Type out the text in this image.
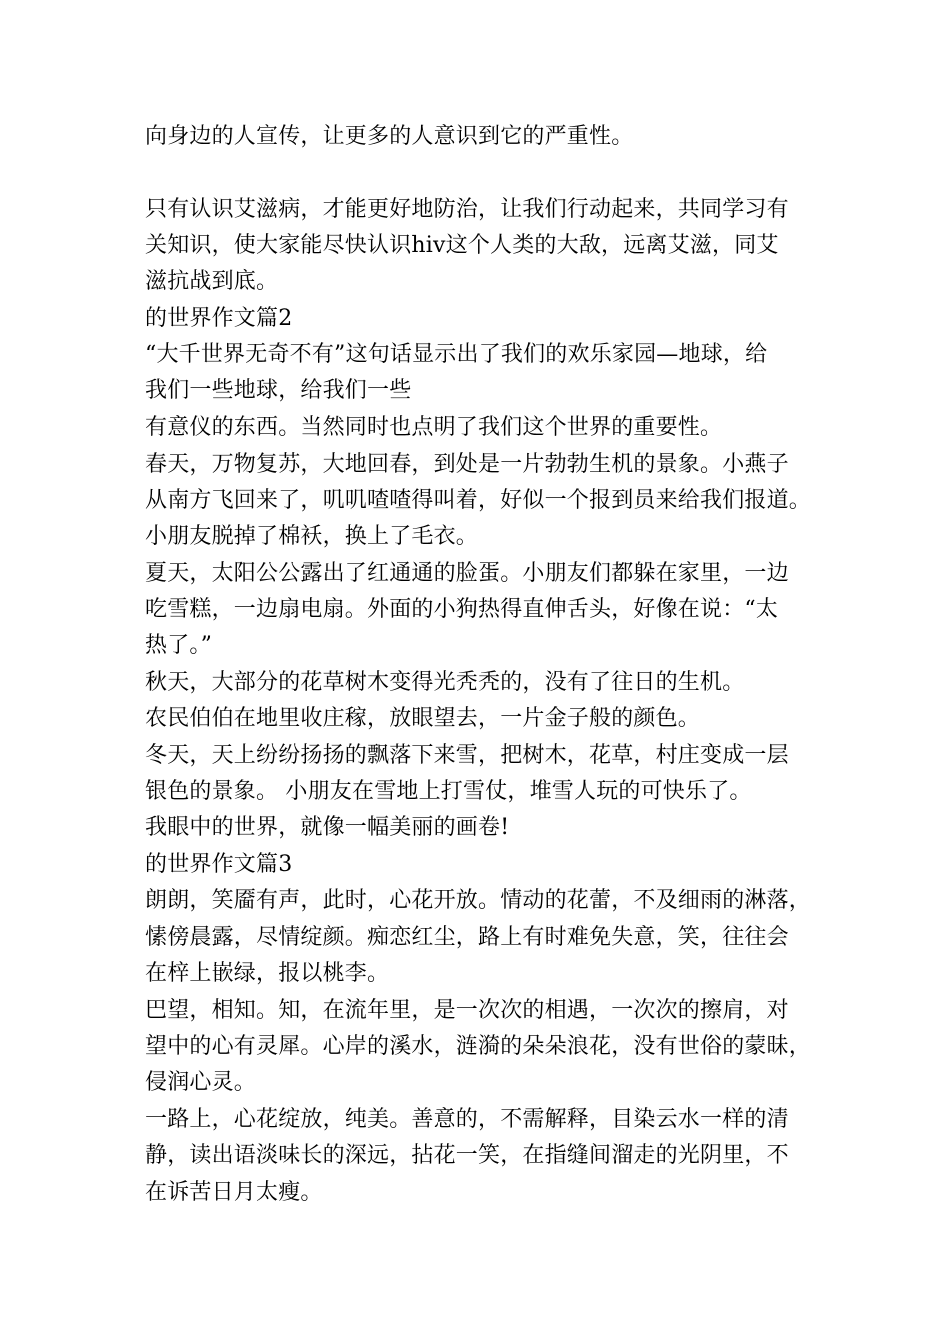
向身边的人宣传，让更多的人意识到它的严重性。

只有认识艾滋病，才能更好地防治，让我们行动起来，共同学习有

关知识，使大家能尽快认识hiv这个人类的大敌，远离艾滋，同艾

滋抗战到底。

的世界作文篇2

“大千世界无奇不有”这句话显示出了我们的欢乐家园—地球，给

我们一些地球，给我们一些

有意仪的东西。当然同时也点明了我们这个世界的重要性。

春天，万物复苏，大地回春，到处是一片勃勃生机的景象。小燕子

从南方飞回来了，叽叽喳喳得叫着，好似一个报到员来给我们报道。

小朋友脱掉了棉袄，换上了毛衣。

夏天，太阳公公露出了红通通的脸蛋。小朋友们都躲在家里，一边

吃雪糕，一边扇电扇。外面的小狗热得直伸舌头，好像在说：“太

热了。”

秋天，大部分的花草树木变得光秃秃的，没有了往日的生机。

农民伯伯在地里收庄稼，放眼望去，一片金子般的颜色。

冬天，天上纷纷扬扬的飘落下来雪，把树木，花草，村庄变成一层

银色的景象。 小朋友在雪地上打雪仗，堆雪人玩的可快乐了。

我眼中的世界，就像一幅美丽的画卷!

的世界作文篇3

朗朗，笑靥有声，此时，心花开放。情动的花蕾，不及细雨的淋落，

愫傍晨露，尽情绽颜。痴恋红尘，路上有时难免失意，笑，往往会

在梓上嵌绿，报以桃李。

巴望，相知。知，在流年里，是一次次的相遇，一次次的擦肩，对

望中的心有灵犀。心岸的溪水，涟漪的朵朵浪花，没有世俗的蒙昧，

侵润心灵。

一路上，心花绽放，纯美。善意的，不需解释，目染云水一样的清

静，读出语淡味长的深远，拈花一笑，在指缝间溜走的光阴里，不

在诉苦日月太瘦。
